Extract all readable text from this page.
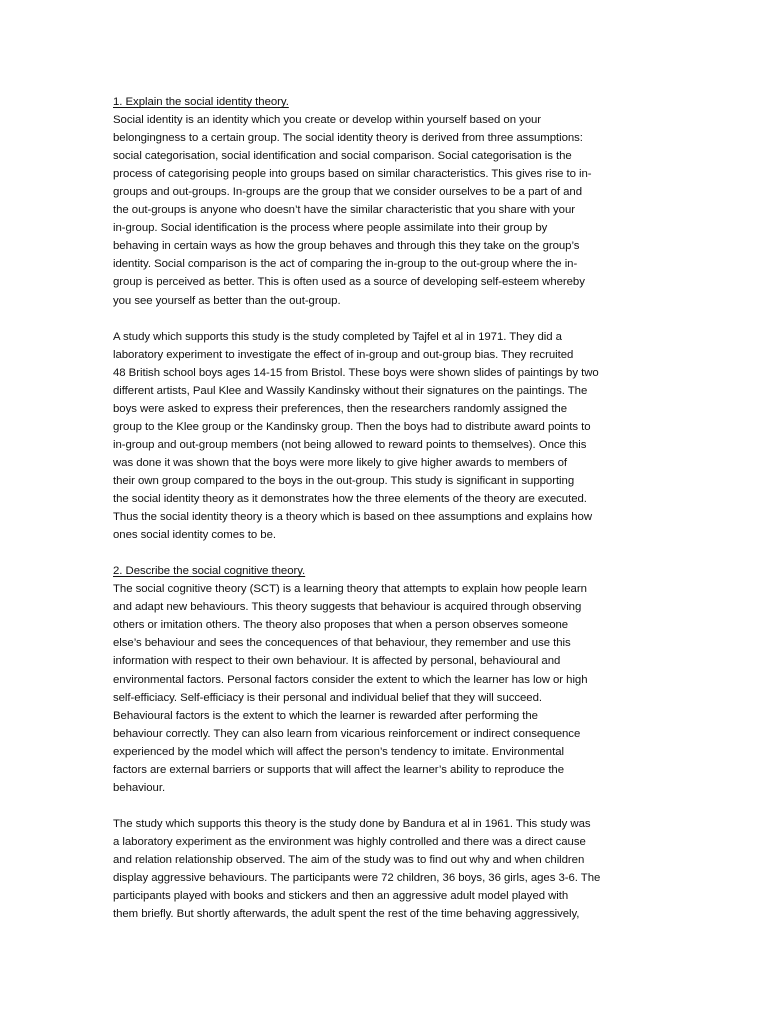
1. Explain the social identity theory.
Social identity is an identity which you create or develop within yourself based on your
belongingness to a certain group. The social identity theory is derived from three assumptions:
social categorisation, social identification and social comparison. Social categorisation is the
process of categorising people into groups based on similar characteristics. This gives rise to in-
groups and out-groups. In-groups are the group that we consider ourselves to be a part of and
the out-groups is anyone who doesn’t have the similar characteristic that you share with your
in-group. Social identification is the process where people assimilate into their group by
behaving in certain ways as how the group behaves and through this they take on the group’s
identity. Social comparison is the act of comparing the in-group to the out-group where the in-
group is perceived as better. This is often used as a source of developing self-esteem whereby
you see yourself as better than the out-group.
A study which supports this study is the study completed by Tajfel et al in 1971. They did a
laboratory experiment to investigate the effect of in-group and out-group bias. They recruited
48 British school boys ages 14-15 from Bristol. These boys were shown slides of paintings by two
different artists, Paul Klee and Wassily Kandinsky without their signatures on the paintings. The
boys were asked to express their preferences, then the researchers randomly assigned the
group to the Klee group or the Kandinsky group. Then the boys had to distribute award points to
in-group and out-group members (not being allowed to reward points to themselves). Once this
was done it was shown that the boys were more likely to give higher awards to members of
their own group compared to the boys in the out-group. This study is significant in supporting
the social identity theory as it demonstrates how the three elements of the theory are executed.
Thus the social identity theory is a theory which is based on thee assumptions and explains how
ones social identity comes to be.
2. Describe the social cognitive theory.
The social cognitive theory (SCT) is a learning theory that attempts to explain how people learn
and adapt new behaviours. This theory suggests that behaviour is acquired through observing
others or imitation others. The theory also proposes that when a person observes someone
else’s behaviour and sees the concequences of that behaviour, they remember and use this
information with respect to their own behaviour. It is affected by personal, behavioural and
environmental factors. Personal factors consider the extent to which the learner has low or high
self-efficiacy. Self-efficiacy is their personal and individual belief that they will succeed.
Behavioural factors is the extent to which the learner is rewarded after performing the
behaviour correctly. They can also learn from vicarious reinforcement or indirect consequence
experienced by the model which will affect the person’s tendency to imitate. Environmental
factors are external barriers or supports that will affect the learner’s ability to reproduce the
behaviour.
The study which supports this theory is the study done by Bandura et al in 1961. This study was
a laboratory experiment as the environment was highly controlled and there was a direct cause
and relation relationship observed. The aim of the study was to find out why and when children
display aggressive behaviours. The participants were 72 children, 36 boys, 36 girls, ages 3-6. The
participants played with books and stickers and then an aggressive adult model played with
them briefly. But shortly afterwards, the adult spent the rest of the time behaving aggressively,
